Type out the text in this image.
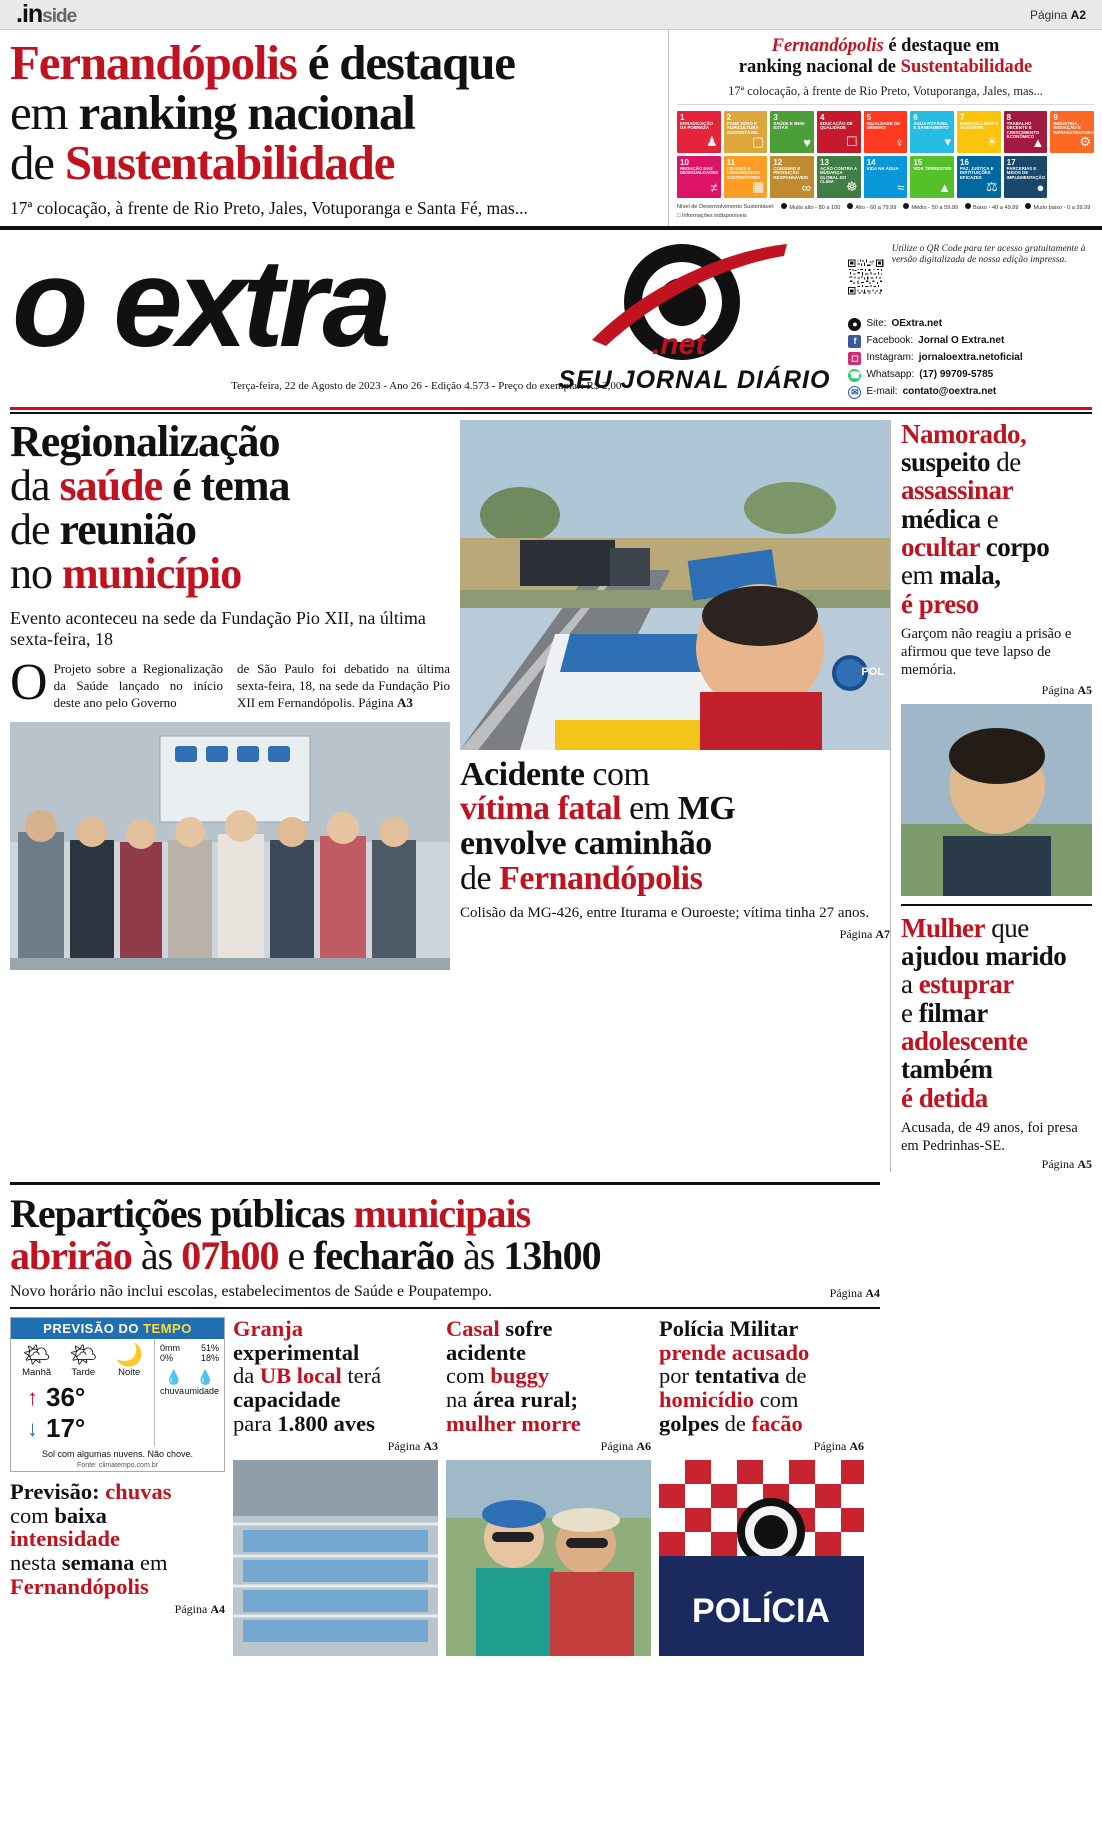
.inside	Página A2
Fernandópolis é destaque
em ranking nacional
de Sustentabilidade
17ª colocação, à frente de Rio Preto, Jales, Votuporanga e Santa Fé, mas...
Fernandópolis é destaque em
ranking nacional de Sustentabilidade
17ª colocação, à frente de Rio Preto, Votuporanga, Jales, mas...
1
ERRADICAÇÃO DA POBREZA
♟
2
FOME ZERO E AGRICULTURA SUSTENTÁVEL
▢
3
SAÚDE E BEM-ESTAR
♥
4
EDUCAÇÃO DE QUALIDADE
☐
5
IGUALDADE DE GÊNERO
♀
6
ÁGUA POTÁVEL E SANEAMENTO
▾
7
ENERGIA LIMPA E ACESSÍVEL
☀
8
TRABALHO DECENTE E CRESCIMENTO ECONÔMICO
▲
9
INDÚSTRIA, INOVAÇÃO E INFRAESTRUTURA
⚙
10
REDUÇÃO DAS DESIGUALDADES
≠
11
CIDADES E COMUNIDADES SUSTENTÁVEIS
▦
12
CONSUMO E PRODUÇÃO RESPONSÁVEIS
∞
13
AÇÃO CONTRA A MUDANÇA GLOBAL DO CLIMA ☸
14
VIDA NA ÁGUA
≈
15
VIDA TERRESTRE
▲
16
PAZ, JUSTIÇA E INSTITUIÇÕES EFICAZES
⚖
17
PARCERIAS E MEIOS DE IMPLEMENTAÇÃO
●
Nível de Desenvolvimento Sustentável:	Muito alto - 80 a 100	Alto - 60 a 79,99	Médio - 50 a 59,99	Baixo - 40 a 49,99	Muito baixo - 0 a 39,99
□ Informações indisponíveis
o extra	.net
SEU JORNAL DIÁRIO
Terça-feira, 22 de Agosto de 2023 - Ano 26 - Edição 4.573 - Preço do exemplar: R$ 2,00
Utilize o QR Code para ter acesso gratuitamente à versão digitalizada de nossa edição impressa.
● Site: OExtra.net
f	Facebook: Jornal O Extra.net
◻ Instagram: jornaloextra.netoficial
☎ Whatsapp: (17) 99709-5785
✉ E-mail: contato@oextra.net
Regionalização
da saúde é tema
de reunião
no município
Evento aconteceu na sede da Fundação Pio XII, na última sexta-feira, 18
O Projeto sobre a Regionalização da Saúde lançado no início deste ano pelo Governo
de São Paulo foi debatido na última sexta-feira, 18, na sede da Fundação Pio XII em Fernandópolis. Página A3
POL
Acidente com
vítima fatal em MG
envolve caminhão
de Fernandópolis
Colisão da MG-426, entre Iturama e Ouroeste; vítima tinha 27 anos.
Página A7
Namorado,
suspeito de
assassinar
médica e
ocultar corpo
em mala,
é preso
Garçom não reagiu a prisão e afirmou que teve lapso de memória.
Página A5
Mulher que
ajudou marido
a estuprar
e filmar
adolescente
também
é detida
Acusada, de 49 anos, foi presa em Pedrinhas-SE.
Página A5
Repartições públicas municipais
abrirão às 07h00 e fecharão às 13h00
Novo horário não inclui escolas, estabelecimentos de Saúde e Poupatempo.	Página A4
PREVISÃO DO TEMPO
🌤
Manhã
🌤
Tarde
🌙
Noite
↑ 36°
↓ 17°
0mm 51%
0%	18%
💧 💧
chuva umidade
Sol com algumas nuvens. Não chove.
Fonte: climatempo.com.br
Previsão: chuvas
com baixa
intensidade
nesta semana em
Fernandópolis
Página A4
Granja
experimental
da UB local terá
capacidade
para 1.800 aves
Página A3
Casal sofre
acidente
com buggy
na área rural;
mulher morre
Página A6
Polícia Militar
prende acusado
por tentativa de
homicídio com
golpes de facão
Página A6
POLÍCIA
